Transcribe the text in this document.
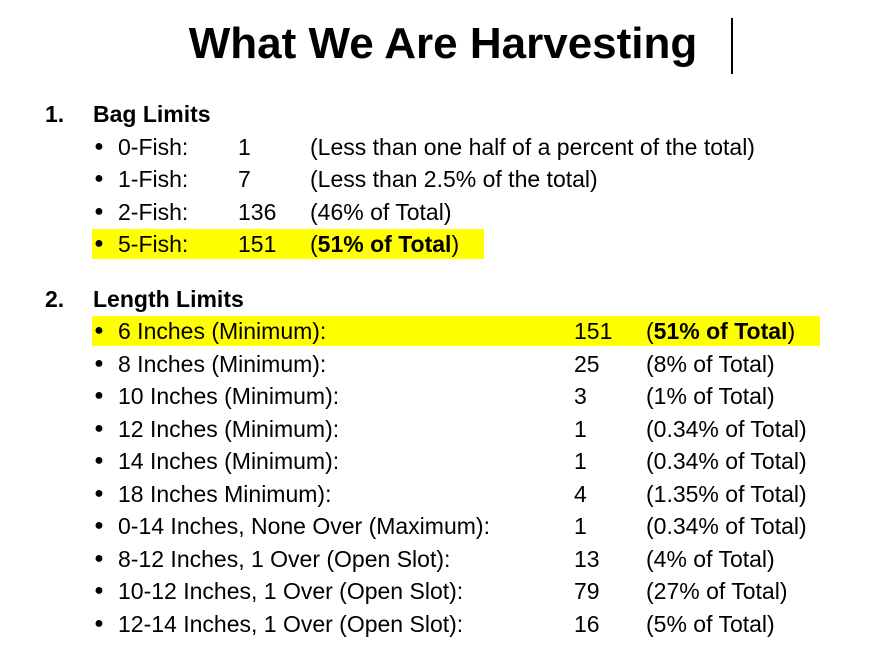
What We Are Harvesting
1. Bag Limits
● 0-Fish: 1	(Less than one half of a percent of the total)
● 1-Fish: 7	(Less than 2.5% of the total)
● 2-Fish: 136 (46% of Total)
● 5-Fish: 151 (51% of Total)
2. Length Limits
● 6 Inches (Minimum):	151 (51% of Total)
● 8 Inches (Minimum):	25 (8% of Total)
● 10 Inches (Minimum):	3	(1% of Total)
● 12 Inches (Minimum):	1	(0.34% of Total)
● 14 Inches (Minimum):	1	(0.34% of Total)
● 18 Inches Minimum):	4	(1.35% of Total)
● 0-14 Inches, None Over (Maximum):	1	(0.34% of Total)
● 8-12 Inches, 1 Over (Open Slot):	13 (4% of Total)
● 10-12 Inches, 1 Over (Open Slot):	79 (27% of Total)
● 12-14 Inches, 1 Over (Open Slot):	16 (5% of Total)
